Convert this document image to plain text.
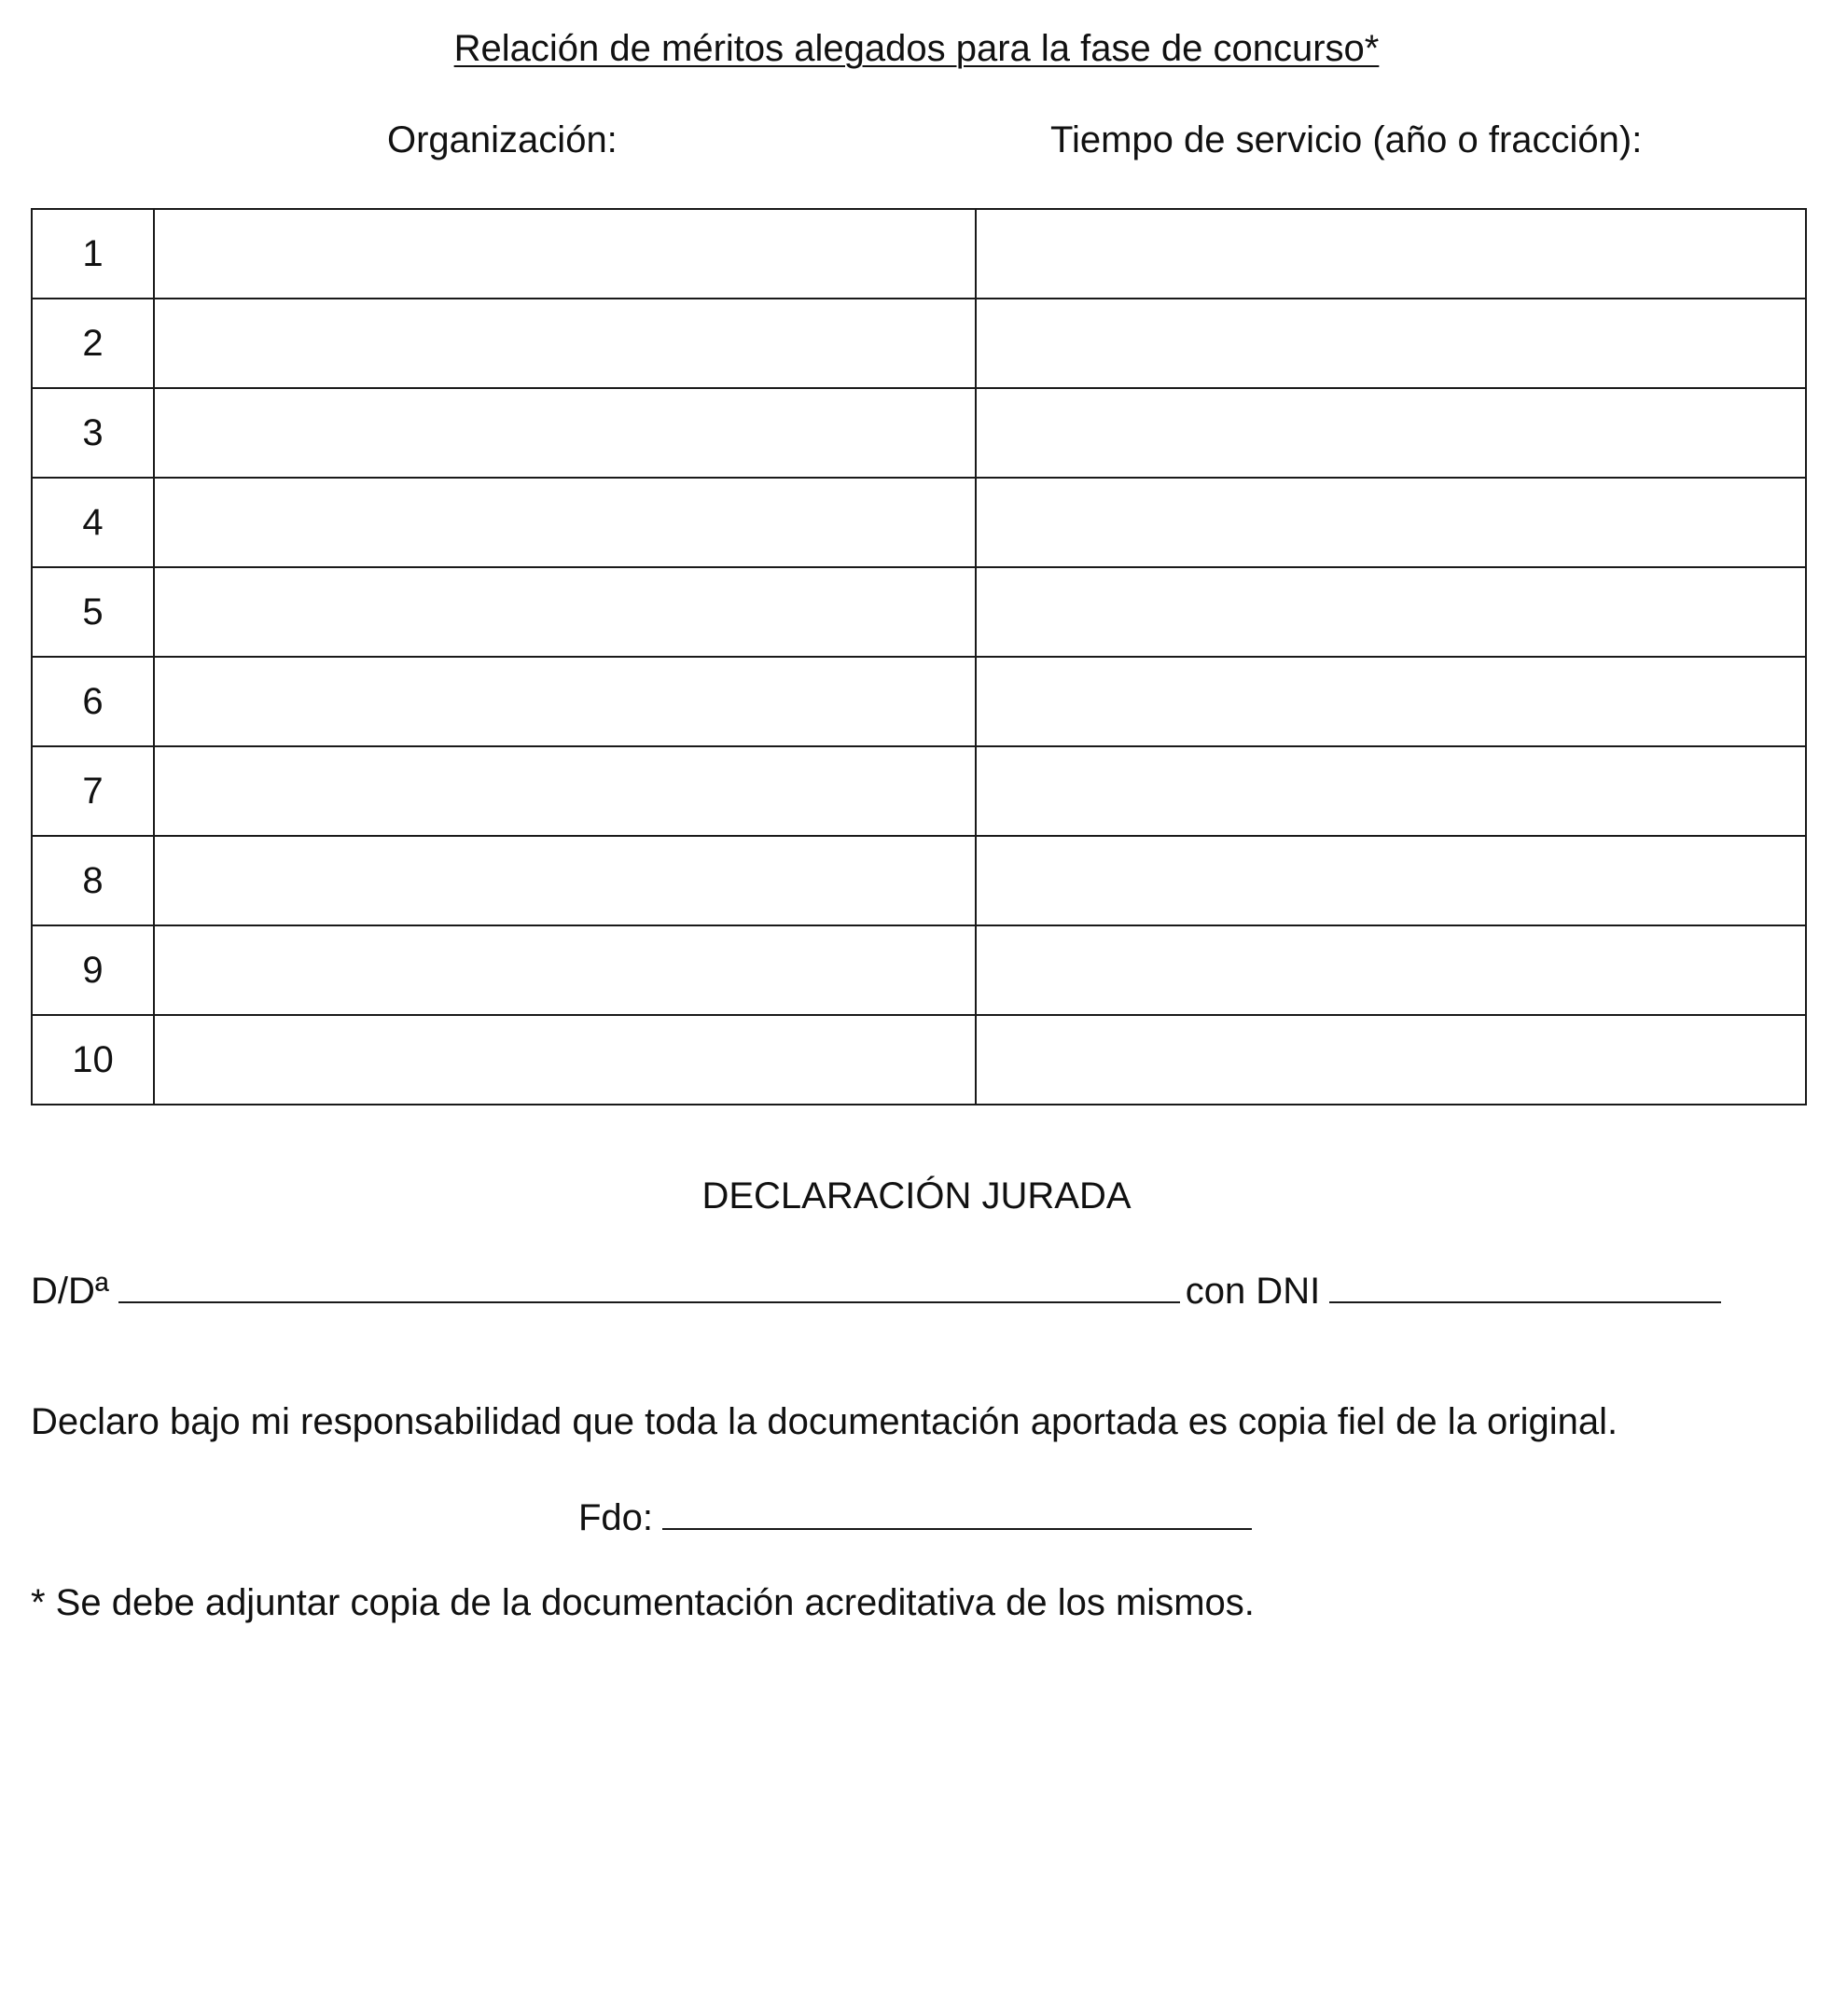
Relación de méritos alegados para la fase de concurso*
Organización:	Tiempo de servicio (año o fracción):
1		
2		
3		
4		
5		
6		
7		
8		
9		
10		
DECLARACIÓN JURADA
D/Dª	con DNI
Declaro bajo mi responsabilidad que toda la documentación aportada es copia fiel de la original.
Fdo:
* Se debe adjuntar copia de la documentación acreditativa de los mismos.
